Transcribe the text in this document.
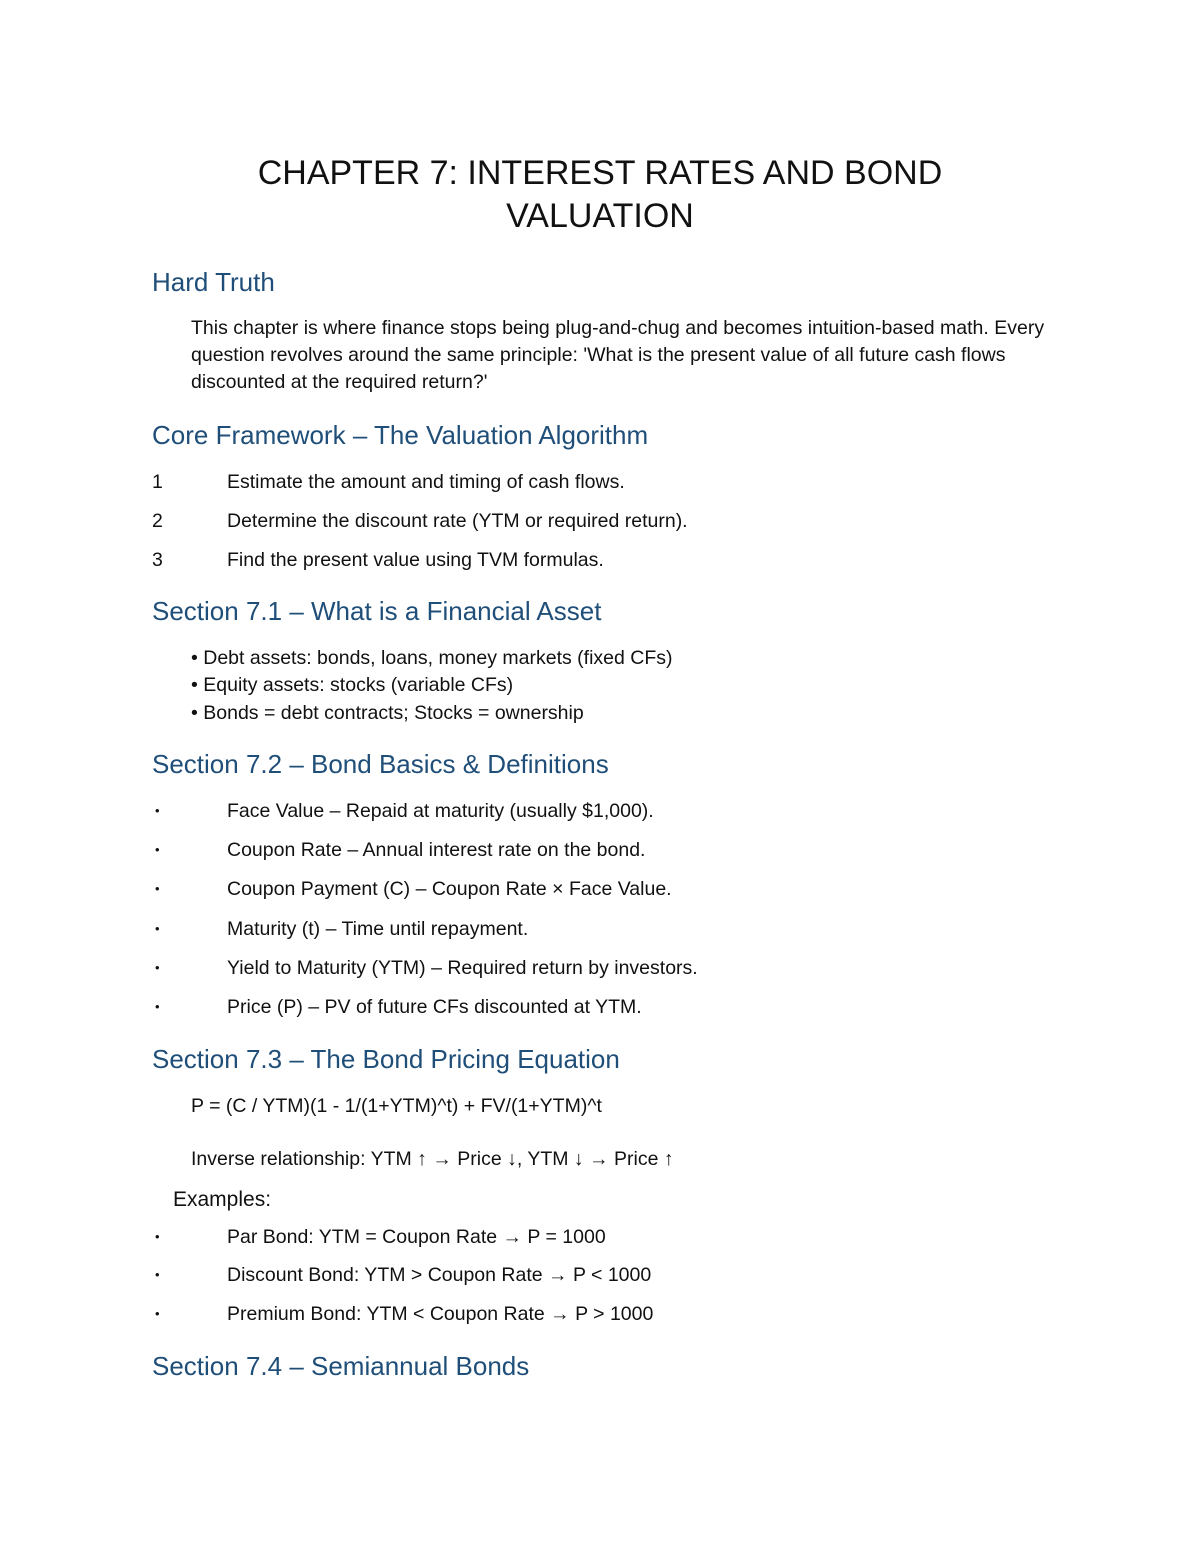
CHAPTER 7: INTEREST RATES AND BOND
VALUATION
Hard Truth

This chapter is where finance stops being plug-and-chug and becomes intuition-based math. Every question revolves around the same principle: 'What is the present value of all future cash flows discounted at the required return?'

Core Framework – The Valuation Algorithm
1	Estimate the amount and timing of cash flows.
2	Determine the discount rate (YTM or required return).
3	Find the present value using TVM formulas.
Section 7.1 – What is a Financial Asset
• Debt assets: bonds, loans, money markets (fixed CFs)
• Equity assets: stocks (variable CFs)
• Bonds = debt contracts; Stocks = ownership
Section 7.2 – Bond Basics & Definitions
•	Face Value – Repaid at maturity (usually $1,000).
•	Coupon Rate – Annual interest rate on the bond.
•	Coupon Payment (C) – Coupon Rate × Face Value.
•	Maturity (t) – Time until repayment.
•	Yield to Maturity (YTM) – Required return by investors.
•	Price (P) – PV of future CFs discounted at YTM.
Section 7.3 – The Bond Pricing Equation
P = (C / YTM)(1 - 1/(1+YTM)^t) + FV/(1+YTM)^t
Inverse relationship: YTM ↑ → Price ↓, YTM ↓ → Price ↑
Examples:
•	Par Bond: YTM = Coupon Rate → P = 1000
•	Discount Bond: YTM > Coupon Rate → P < 1000
•	Premium Bond: YTM < Coupon Rate → P > 1000
Section 7.4 – Semiannual Bonds
